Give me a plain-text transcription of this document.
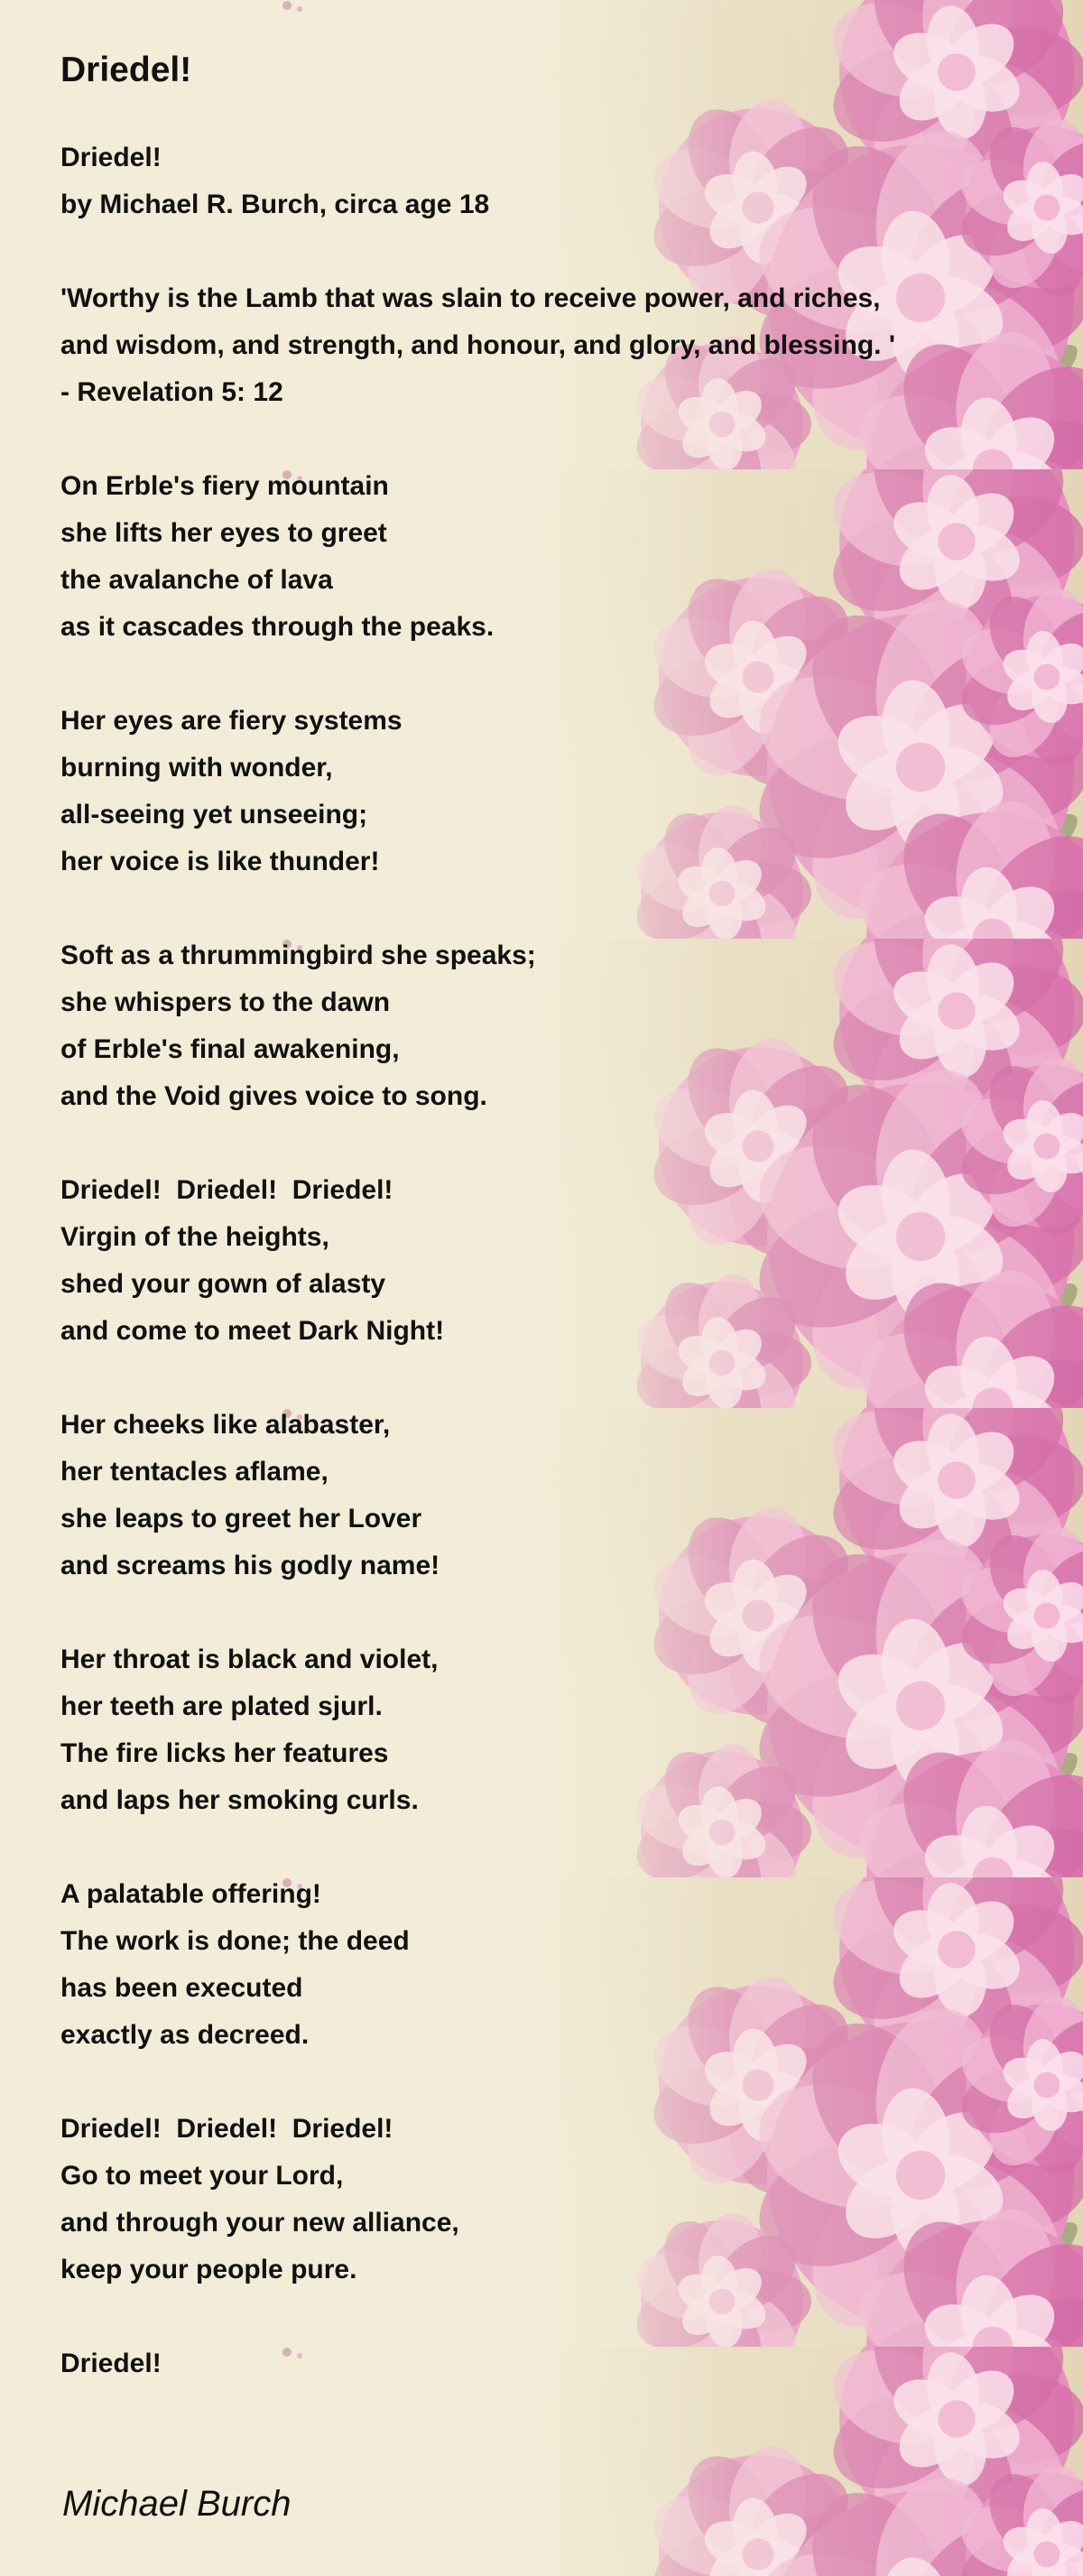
Driedel!
Driedel!
by Michael R. Burch, circa age 18

'Worthy is the Lamb that was slain to receive power, and riches,
and wisdom, and strength, and honour, and glory, and blessing. '
- Revelation 5: 12

On Erble's fiery mountain
she lifts her eyes to greet
the avalanche of lava
as it cascades through the peaks.

Her eyes are fiery systems
burning with wonder,
all-seeing yet unseeing;
her voice is like thunder!

Soft as a thrummingbird she speaks;
she whispers to the dawn
of Erble's final awakening,
and the Void gives voice to song.

Driedel!  Driedel!  Driedel!
Virgin of the heights,
shed your gown of alasty
and come to meet Dark Night!

Her cheeks like alabaster,
her tentacles aflame,
she leaps to greet her Lover
and screams his godly name!

Her throat is black and violet,
her teeth are plated sjurl.
The fire licks her features
and laps her smoking curls.

A palatable offering!
The work is done; the deed
has been executed
exactly as decreed.

Driedel!  Driedel!  Driedel!
Go to meet your Lord,
and through your new alliance,
keep your people pure.

Driedel!
Michael Burch
